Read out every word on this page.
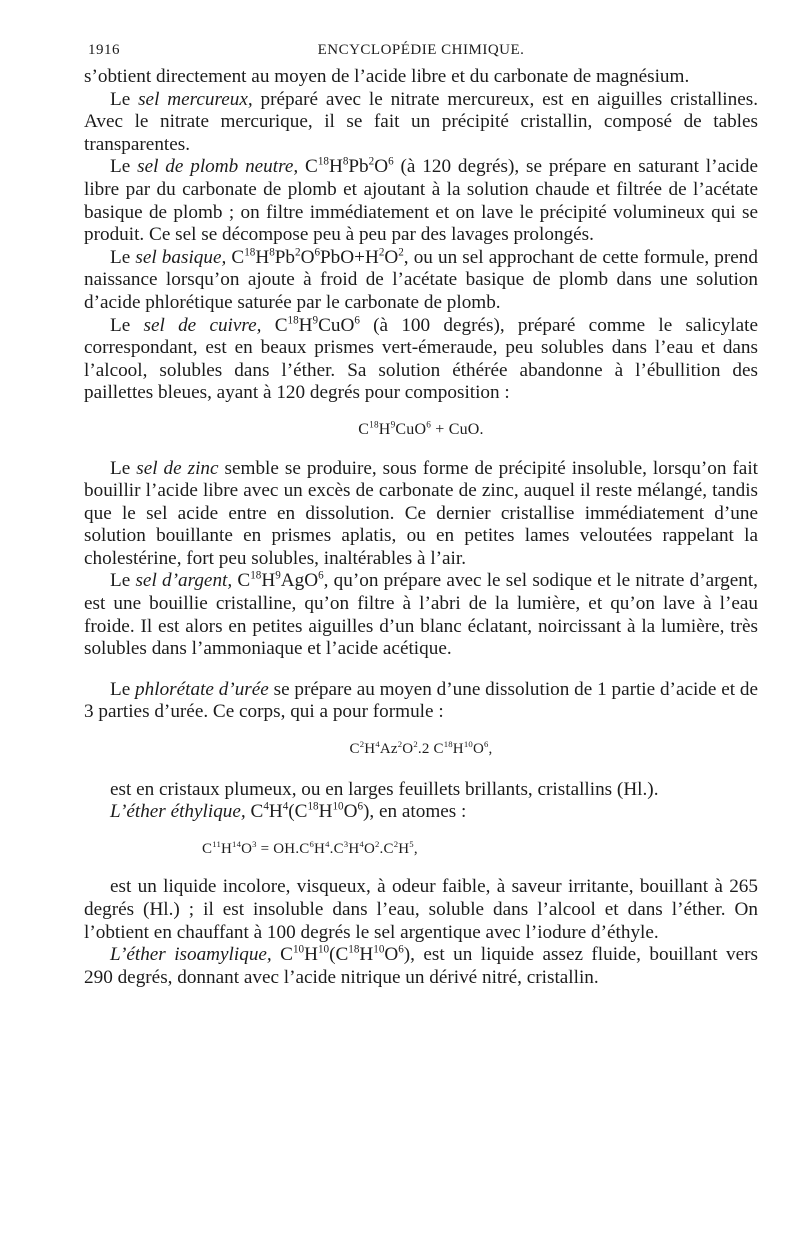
1916	ENCYCLOPÉDIE CHIMIQUE.

s’obtient directement au moyen de l’acide libre et du carbonate de magnésium.

Le sel mercureux, préparé avec le nitrate mercureux, est en aiguilles cristallines. Avec le nitrate mercurique, il se fait un précipité cristallin, composé de tables transparentes.

Le sel de plomb neutre, $C^{18}H^8Pb^2O^6$ (à 120 degrés), se prépare en saturant l’acide libre par du carbonate de plomb et ajoutant à la solution chaude et filtrée de l’acétate basique de plomb ; on filtre immédiatement et on lave le précipité volumineux qui se produit. Ce sel se décompose peu à peu par des lavages prolongés.

Le sel basique, $C^{18}H^8Pb^2O^6PbO+H^2O^2$, ou un sel approchant de cette formule, prend naissance lorsqu’on ajoute à froid de l’acétate basique de plomb dans une solution d’acide phlorétique saturée par le carbonate de plomb.

Le sel de cuivre, $C^{18}H^9CuO^6$ (à 100 degrés), préparé comme le salicylate correspondant, est en beaux prismes vert-émeraude, peu solubles dans l’eau et dans l’alcool, solubles dans l’éther. Sa solution éthérée abandonne à l’ébullition des paillettes bleues, ayant à 120 degrés pour composition :

$C^{18}H^9CuO^6$ + CuO.

Le sel de zinc semble se produire, sous forme de précipité insoluble, lorsqu’on fait bouillir l’acide libre avec un excès de carbonate de zinc, auquel il reste mélangé, tandis que le sel acide entre en dissolution. Ce dernier cristallise immédiatement d’une solution bouillante en prismes aplatis, ou en petites lames veloutées rappelant la cholestérine, fort peu solubles, inaltérables à l’air.

Le sel d’argent, $C^{18}H^9AgO^6$, qu’on prépare avec le sel sodique et le nitrate d’argent, est une bouillie cristalline, qu’on filtre à l’abri de la lumière, et qu’on lave à l’eau froide. Il est alors en petites aiguilles d’un blanc éclatant, noircissant à la lumière, très solubles dans l’ammoniaque et l’acide acétique.

Le phlorétate d’urée se prépare au moyen d’une dissolution de 1 partie d’acide et de 3 parties d’urée. Ce corps, qui a pour formule :

$C^2H^4Az^2O^2.2$ $C^{18}H^{10}O^6$,

est en cristaux plumeux, ou en larges feuillets brillants, cristallins (Hl.).

L’éther éthylique, $C^4H^4(C^{18}H^{10}O^6)$, en atomes :

$C^{11}H^{14}O^3 = OH.C^6H^4.C^3H^4O^2.C^2H^5$,

est un liquide incolore, visqueux, à odeur faible, à saveur irritante, bouillant à 265 degrés (Hl.) ; il est insoluble dans l’eau, soluble dans l’alcool et dans l’éther. On l’obtient en chauffant à 100 degrés le sel argentique avec l’iodure d’éthyle.

L’éther isoamylique, $C^{10}H^{10}(C^{18}H^{10}O^6)$, est un liquide assez fluide, bouillant vers 290 degrés, donnant avec l’acide nitrique un dérivé nitré, cristallin.
